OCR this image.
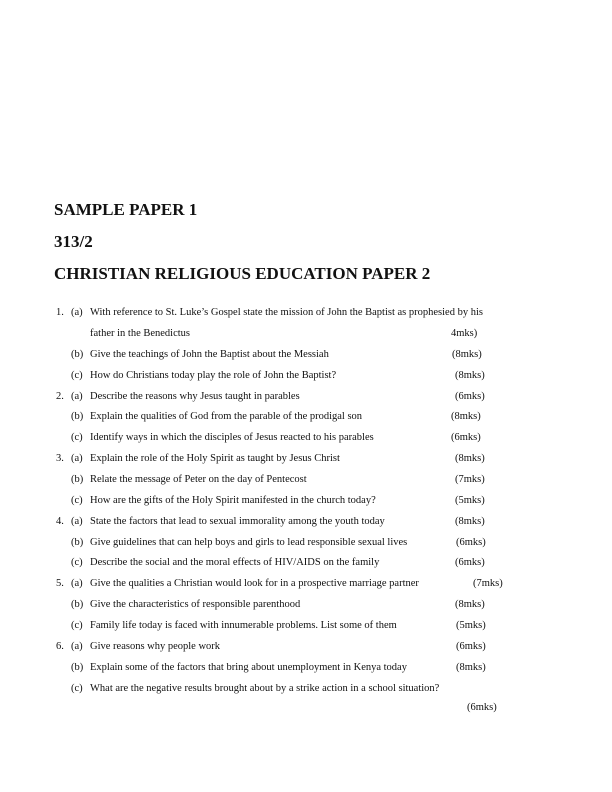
SAMPLE PAPER 1
313/2
CHRISTIAN RELIGIOUS EDUCATION PAPER 2
1. (a) With reference to St. Luke’s Gospel state the mission of John the Baptist as prophesied by his
father in the Benedictus	4mks)
(b) Give the teachings of John the Baptist about the Messiah	(8mks)
(c) How do Christians today play the role of John the Baptist?	(8mks)
2. (a) Describe the reasons why Jesus taught in parables	(6mks)
(b) Explain the qualities of God from the parable of the prodigal son	(8mks)
(c) Identify ways in which the disciples of Jesus reacted to his parables	(6mks)
3. (a) Explain the role of the Holy Spirit as taught by Jesus Christ	(8mks)
(b) Relate the message of Peter on the day of Pentecost	(7mks)
(c) How are the gifts of the Holy Spirit manifested in the church today?	(5mks)
4. (a) State the factors that lead to sexual immorality among the youth today	(8mks)
(b) Give guidelines that can help boys and girls to lead responsible sexual lives	(6mks)
(c) Describe the social and the moral effects of HIV/AIDS on the family	(6mks)
5. (a) Give the qualities a Christian would look for in a prospective marriage partner	(7mks)
(b) Give the characteristics of responsible parenthood	(8mks)
(c) Family life today is faced with innumerable problems. List some of them	(5mks)
6. (a) Give reasons why people work	(6mks)
(b) Explain some of the factors that bring about unemployment in Kenya today	(8mks)
(c) What are the negative results brought about by a strike action in a school situation?
(6mks)
